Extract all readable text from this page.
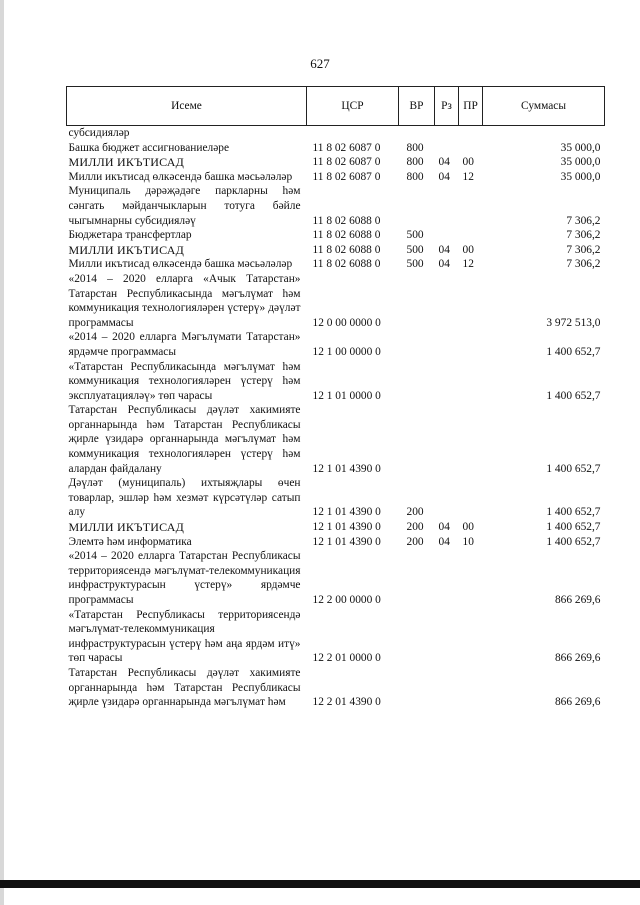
627
Исеме	ЦСР	ВР	Рз	ПР	Суммасы
субсидияләр					
Башка бюджет ассигнованиеләре	11 8 02 6087 0	800			35 000,0
МИЛЛИ ИКЪТИСАД	11 8 02 6087 0	800	04	00	35 000,0
Милли икътисад өлкәсендә башка мәсьәләләр	11 8 02 6087 0	800	04	12	35 000,0
Муниципаль дәрәҗәдәге паркларны һәм сәнгать мәйданчыкларын тотуга бәйле чыгымнарны субсидияләү	11 8 02 6088 0				7 306,2
Бюджетара трансфертлар	11 8 02 6088 0	500			7 306,2
МИЛЛИ ИКЪТИСАД	11 8 02 6088 0	500	04	00	7 306,2
Милли икътисад өлкәсендә башка мәсьәләләр	11 8 02 6088 0	500	04	12	7 306,2
«2014 – 2020 елларга «Ачык Татарстан» Татарстан Республикасында мәгълүмат һәм коммуникация технологияләрен үстерү» дәүләт программасы	12 0 00 0000 0				3 972 513,0
«2014 – 2020 елларга Мәгълүмати Татарстан» ярдәмче программасы	12 1 00 0000 0				1 400 652,7
«Татарстан Республикасында мәгълүмат һәм коммуникация технологияләрен үстерү һәм эксплуатацияләү» төп чарасы	12 1 01 0000 0				1 400 652,7
Татарстан Республикасы дәүләт хакимияте органнарында һәм Татарстан Республикасы җирле үзидарә органнарында мәгълүмат һәм коммуникация технологияләрен үстерү һәм алардан файдалану	12 1 01 4390 0				1 400 652,7
Дәүләт (муниципаль) ихтыяҗлары өчен товарлар, эшләр һәм хезмәт күрсәтүләр сатып алу	12 1 01 4390 0	200			1 400 652,7
МИЛЛИ ИКЪТИСАД	12 1 01 4390 0	200	04	00	1 400 652,7
Элемтә һәм информатика	12 1 01 4390 0	200	04	10	1 400 652,7
«2014 – 2020 елларга Татарстан Республикасы территориясендә мәгълүмат-телекоммуникация инфраструктурасын үстерү» ярдәмче программасы	12 2 00 0000 0				866 269,6
«Татарстан Республикасы территориясендә мәгълүмат-телекоммуникация инфраструктурасын үстерү һәм аңа ярдәм итү» төп чарасы	12 2 01 0000 0				866 269,6
Татарстан Республикасы дәүләт хакимияте органнарында һәм Татарстан Республикасы җирле үзидарә органнарында мәгълүмат һәм	12 2 01 4390 0				866 269,6
